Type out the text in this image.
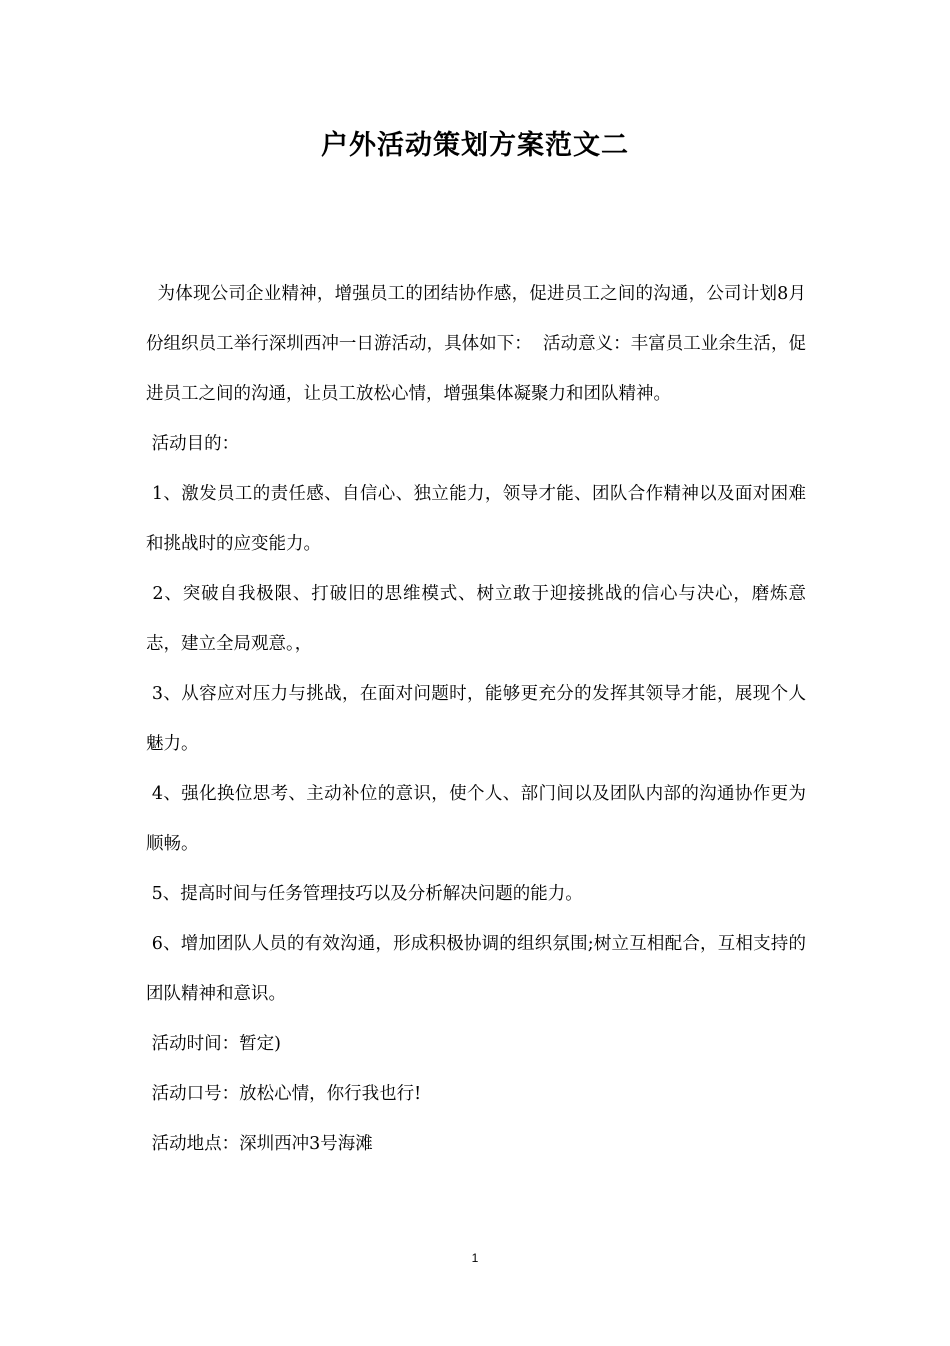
户外活动策划方案范文二

为体现公司企业精神，增强员工的团结协作感，促进员工之间的沟通，公司计划8月份组织员工举行深圳西冲一日游活动，具体如下：  活动意义：丰富员工业余生活，促进员工之间的沟通，让员工放松心情，增强集体凝聚力和团队精神。

活动目的：

1、激发员工的责任感、自信心、独立能力，领导才能、团队合作精神以及面对困难和挑战时的应变能力。

2、突破自我极限、打破旧的思维模式、树立敢于迎接挑战的信心与决心，磨炼意志，建立全局观意。，

3、从容应对压力与挑战，在面对问题时，能够更充分的发挥其领导才能，展现个人魅力。

4、强化换位思考、主动补位的意识，使个人、部门间以及团队内部的沟通协作更为顺畅。

5、提高时间与任务管理技巧以及分析解决问题的能力。

6、增加团队人员的有效沟通，形成积极协调的组织氛围;树立互相配合，互相支持的团队精神和意识。

活动时间：暂定)

活动口号：放松心情，你行我也行!

活动地点：深圳西冲3号海滩

1
